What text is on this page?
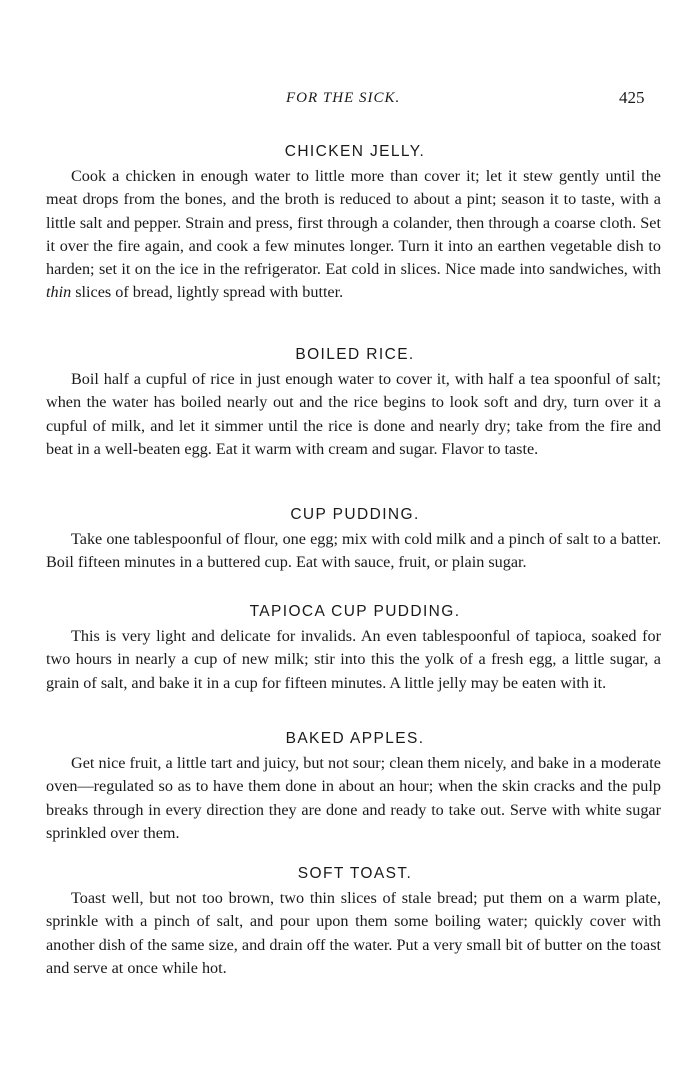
FOR THE SICK.	425
CHICKEN JELLY.

Cook a chicken in enough water to little more than cover it; let it stew gently until the meat drops from the bones, and the broth is reduced to about a pint; season it to taste, with a little salt and pepper. Strain and press, first through a colander, then through a coarse cloth. Set it over the fire again, and cook a few minutes longer. Turn it into an earthen vegetable dish to harden; set it on the ice in the refrigerator. Eat cold in slices. Nice made into sandwiches, with thin slices of bread, lightly spread with butter.

BOILED RICE.

Boil half a cupful of rice in just enough water to cover it, with half a tea spoonful of salt; when the water has boiled nearly out and the rice begins to look soft and dry, turn over it a cupful of milk, and let it simmer until the rice is done and nearly dry; take from the fire and beat in a well-beaten egg. Eat it warm with cream and sugar. Flavor to taste.

CUP PUDDING.

Take one tablespoonful of flour, one egg; mix with cold milk and a pinch of salt to a batter. Boil fifteen minutes in a buttered cup. Eat with sauce, fruit, or plain sugar.

TAPIOCA CUP PUDDING.

This is very light and delicate for invalids. An even tablespoonful of tapioca, soaked for two hours in nearly a cup of new milk; stir into this the yolk of a fresh egg, a little sugar, a grain of salt, and bake it in a cup for fifteen minutes. A little jelly may be eaten with it.

BAKED APPLES.

Get nice fruit, a little tart and juicy, but not sour; clean them nicely, and bake in a moderate oven—regulated so as to have them done in about an hour; when the skin cracks and the pulp breaks through in every direction they are done and ready to take out. Serve with white sugar sprinkled over them.

SOFT TOAST.

Toast well, but not too brown, two thin slices of stale bread; put them on a warm plate, sprinkle with a pinch of salt, and pour upon them some boiling water; quickly cover with another dish of the same size, and drain off the water. Put a very small bit of butter on the toast and serve at once while hot.
